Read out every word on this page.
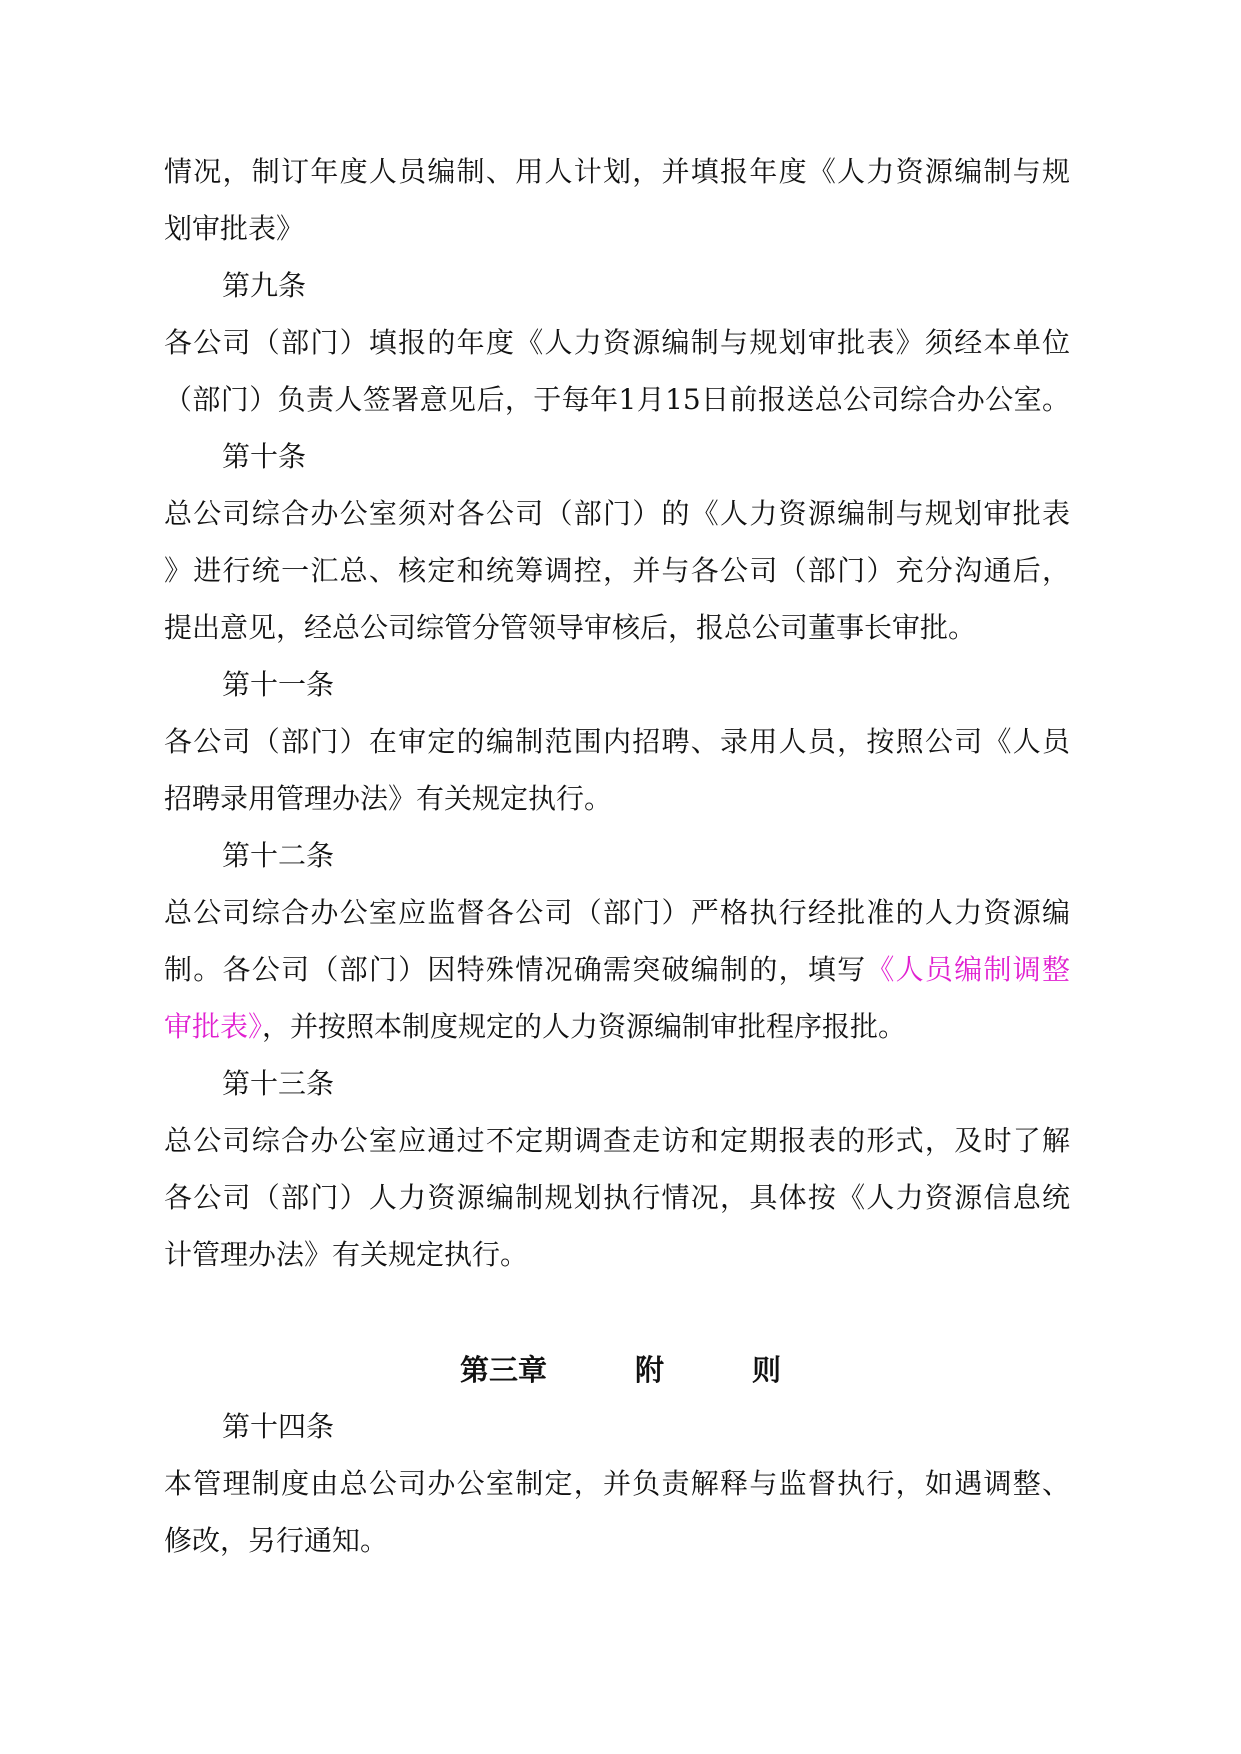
情况，制订年度人员编制、用人计划，并填报年度《人力资源编制与规
划审批表》
第九条
各公司（部门）填报的年度《人力资源编制与规划审批表》须经本单位
（部门）负责人签署意见后，于每年1月15日前报送总公司综合办公室。
第十条
总公司综合办公室须对各公司（部门）的《人力资源编制与规划审批表
》进行统一汇总、核定和统筹调控，并与各公司（部门）充分沟通后，
提出意见，经总公司综管分管领导审核后，报总公司董事长审批。
第十一条
各公司（部门）在审定的编制范围内招聘、录用人员，按照公司《人员
招聘录用管理办法》有关规定执行。
第十二条
总公司综合办公室应监督各公司（部门）严格执行经批准的人力资源编
制。各公司（部门）因特殊情况确需突破编制的，填写《人员编制调整
审批表》，并按照本制度规定的人力资源编制审批程序报批。
第十三条
总公司综合办公室应通过不定期调查走访和定期报表的形式，及时了解
各公司（部门）人力资源编制规划执行情况，具体按《人力资源信息统
计管理办法》有关规定执行。
第三章	附	则
第十四条
本管理制度由总公司办公室制定，并负责解释与监督执行，如遇调整、
修改，另行通知。
